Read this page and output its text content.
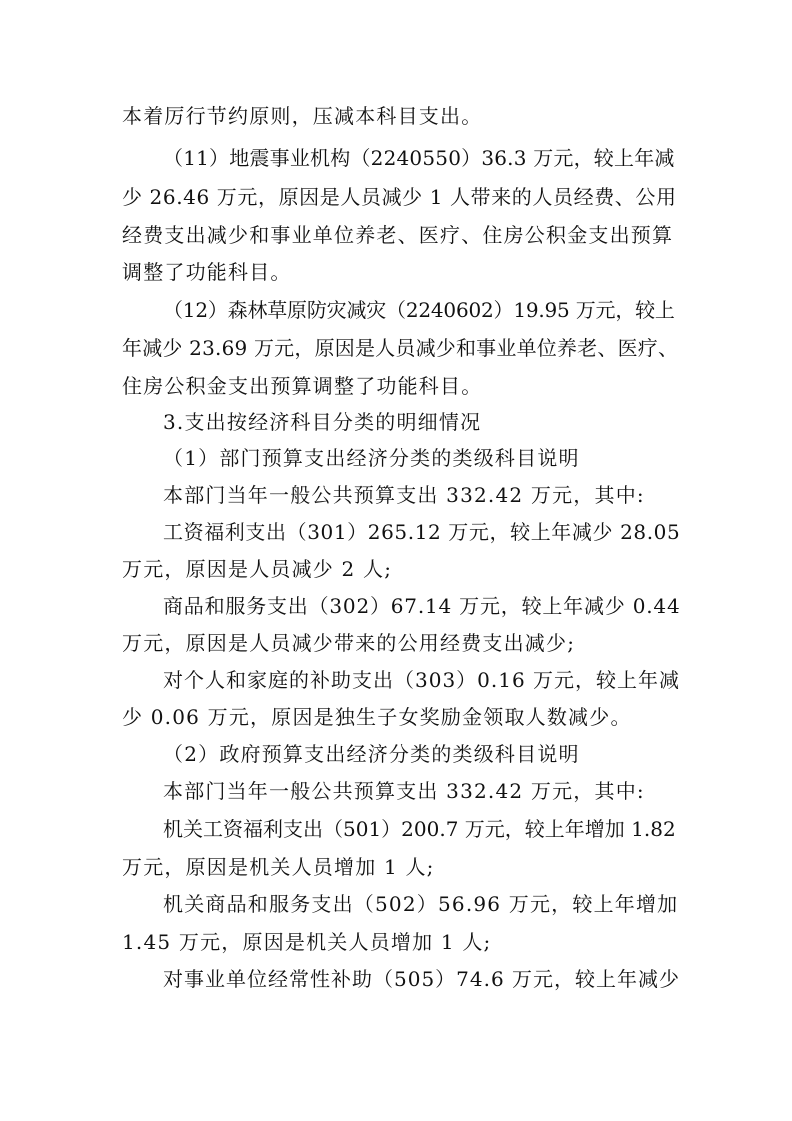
本着厉行节约原则，压减本科目支出。
（11）地震事业机构（2240550）36.3 万元，较上年减
少 26.46 万元，原因是人员减少 1 人带来的人员经费、公用
经费支出减少和事业单位养老、医疗、住房公积金支出预算
调整了功能科目。
（12）森林草原防灾减灾（2240602）19.95 万元，较上
年减少 23.69 万元，原因是人员减少和事业单位养老、医疗、
住房公积金支出预算调整了功能科目。
3.支出按经济科目分类的明细情况
（1）部门预算支出经济分类的类级科目说明
本部门当年一般公共预算支出 332.42 万元，其中:
工资福利支出（301）265.12 万元，较上年减少 28.05
万元，原因是人员减少 2 人;
商品和服务支出（302）67.14 万元，较上年减少 0.44
万元，原因是人员减少带来的公用经费支出减少;
对个人和家庭的补助支出（303）0.16 万元，较上年减
少 0.06 万元，原因是独生子女奖励金领取人数减少。
（2）政府预算支出经济分类的类级科目说明
本部门当年一般公共预算支出 332.42 万元，其中:
机关工资福利支出（501）200.7 万元，较上年增加 1.82
万元，原因是机关人员增加 1 人;
机关商品和服务支出（502）56.96 万元，较上年增加
1.45 万元，原因是机关人员增加 1 人;
对事业单位经常性补助（505）74.6 万元，较上年减少
